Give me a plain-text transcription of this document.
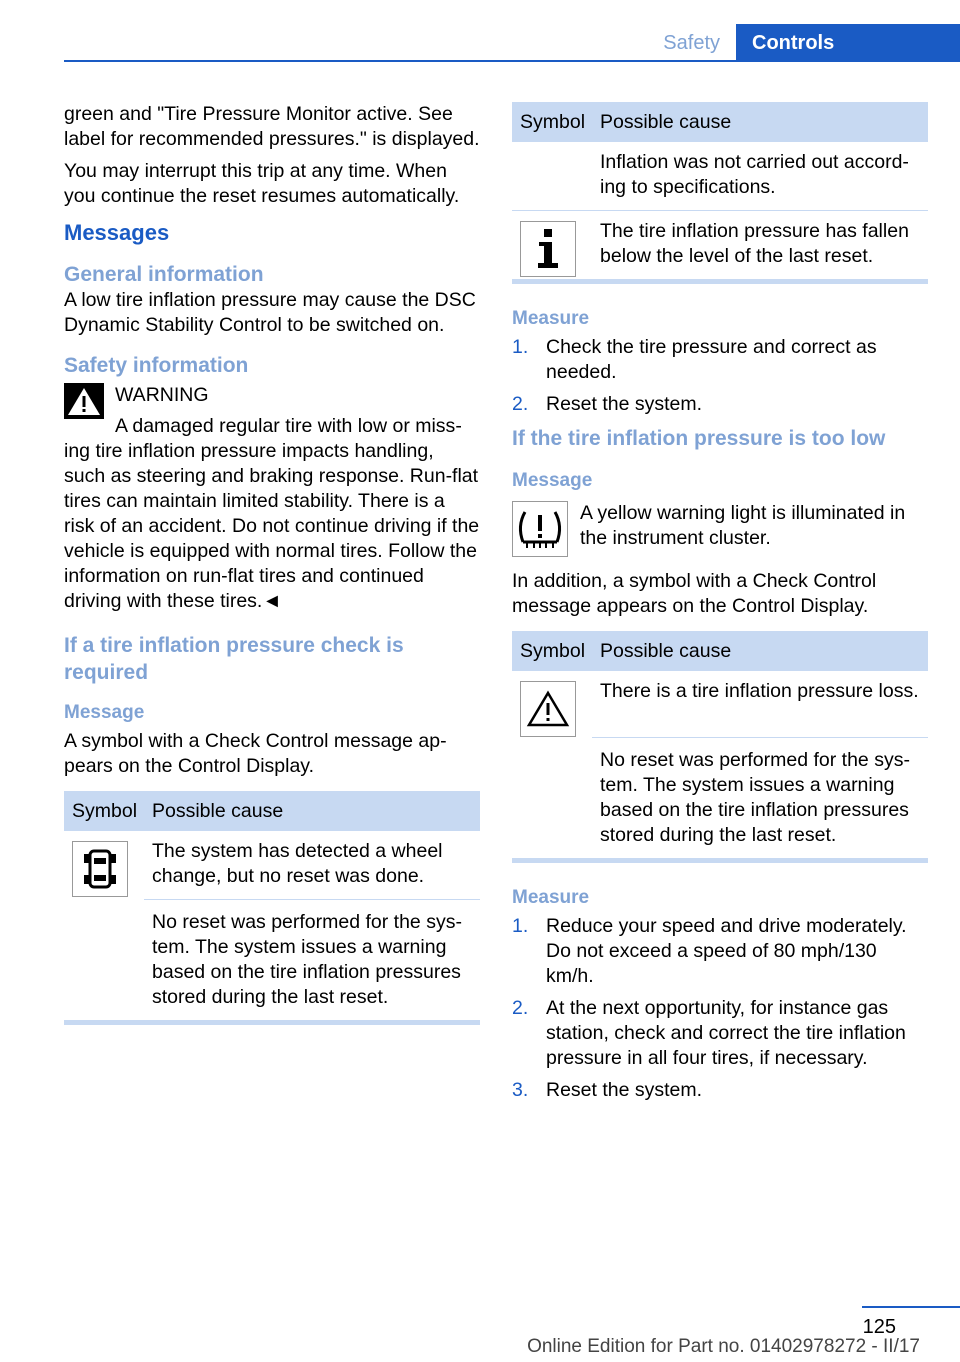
Safety	Controls

green and "Tire Pressure Monitor active. See label for recommended pressures." is displayed.

You may interrupt this trip at any time. When you continue the reset resumes automatically.

Messages
General information

A low tire inflation pressure may cause the DSC Dynamic Stability Control to be switched on.

Safety information

WARNING

A damaged regular tire with low or missing tire inflation pressure impacts handling, such as steering and braking response. Run-flat tires can maintain limited stability. There is a risk of an accident. Do not continue driving if the vehicle is equipped with normal tires. Follow the information on run-flat tires and continued driving with these tires.◄

If a tire inflation pressure check is required
Message

A symbol with a Check Control message appears on the Control Display.

Symbol Possible cause
The system has detected a wheel change, but no reset was done.
No reset was performed for the system. The system issues a warning based on the tire inflation pressures stored during the last reset.
Symbol Possible cause
Inflation was not carried out according to specifications.
The tire inflation pressure has fallen below the level of the last reset.
Measure
1. Check the tire pressure and correct as needed.
2. Reset the system.
If the tire inflation pressure is too low
Message

A yellow warning light is illuminated in the instrument cluster.

In addition, a symbol with a Check Control message appears on the Control Display.

Symbol Possible cause
There is a tire inflation pressure loss.
No reset was performed for the system. The system issues a warning based on the tire inflation pressures stored during the last reset.
Measure
1. Reduce your speed and drive moderately. Do not exceed a speed of 80 mph/130 km/h.
2. At the next opportunity, for instance gas station, check and correct the tire inflation pressure in all four tires, if necessary.
3. Reset the system.
125
Online Edition for Part no. 01402978272 - II/17
